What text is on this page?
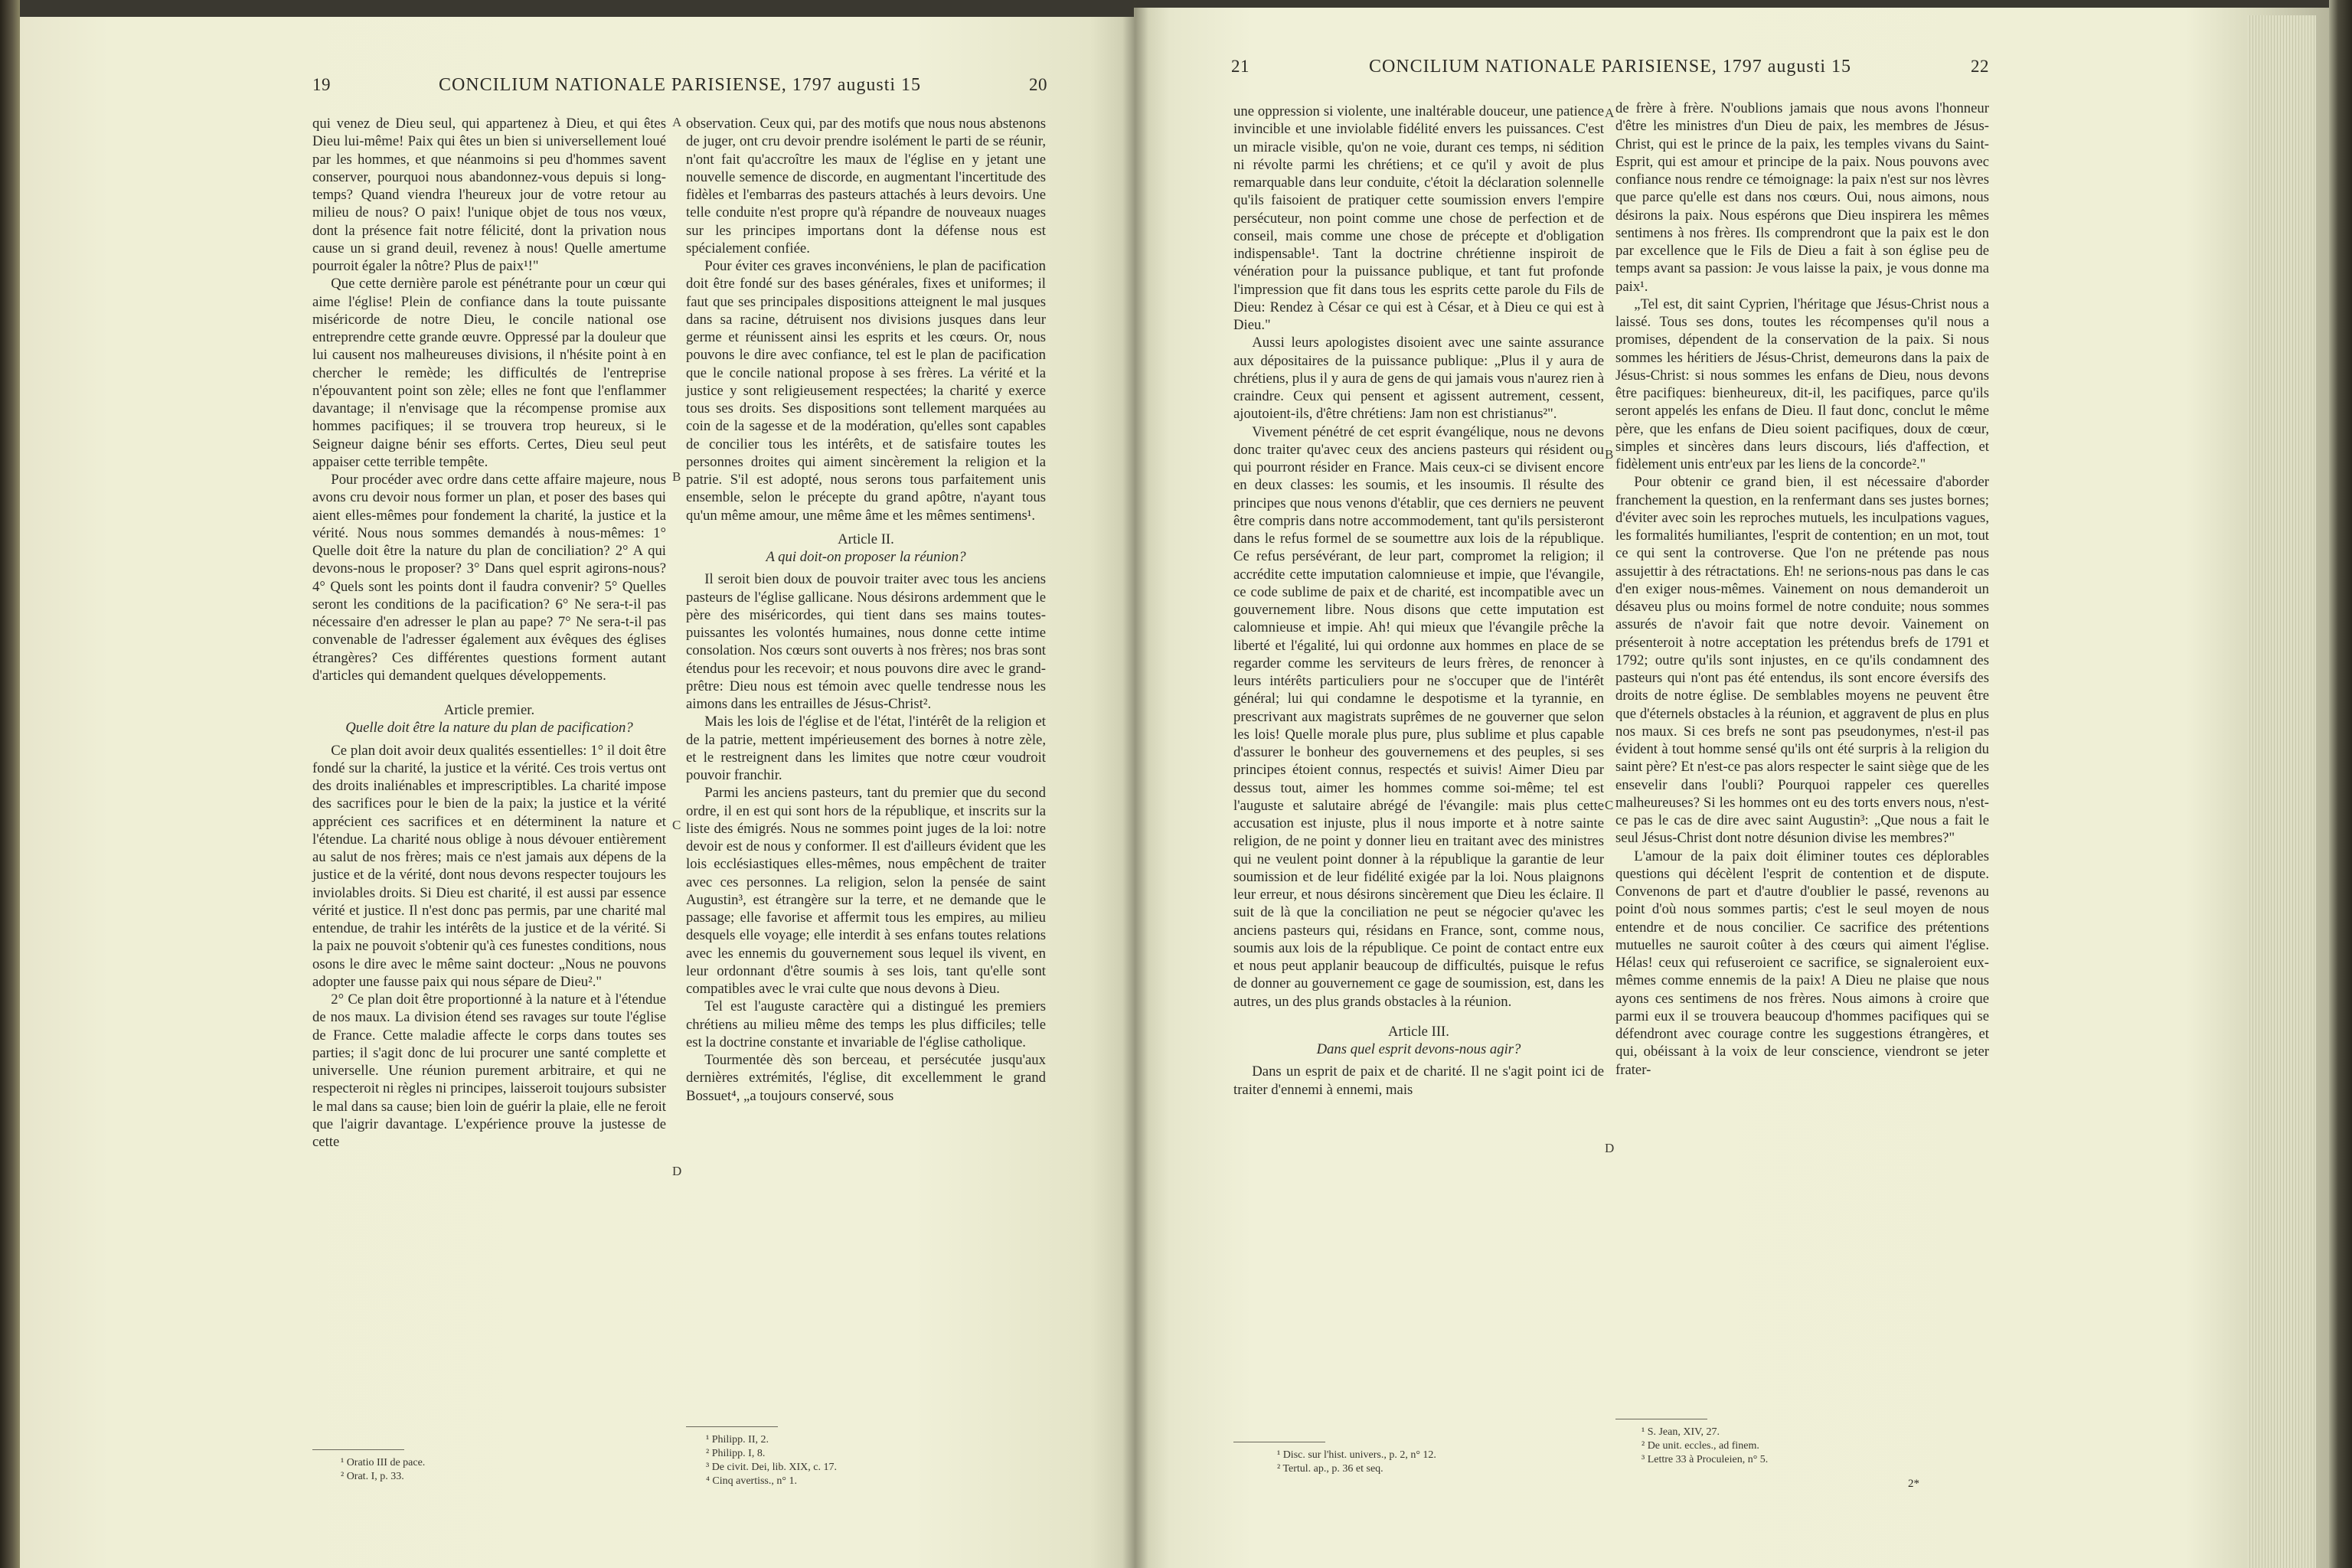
19	CONCILIUM NATIONALE PARISIENSE, 1797 augusti 15	20
21	CONCILIUM NATIONALE PARISIENSE, 1797 augusti 15	22

qui venez de Dieu seul, qui appartenez à Dieu, et qui êtes Dieu lui-même! Paix qui êtes un bien si universellement loué par les hommes, et que néanmoins si peu d'hommes savent conserver, pourquoi nous abandonnez-vous depuis si long-temps? Quand viendra l'heureux jour de votre retour au milieu de nous? O paix! l'unique objet de tous nos vœux, dont la présence fait notre félicité, dont la privation nous cause un si grand deuil, revenez à nous! Quelle amertume pourroit égaler la nôtre? Plus de paix¹!"

Que cette dernière parole est pénétrante pour un cœur qui aime l'église! Plein de confiance dans la toute puissante miséricorde de notre Dieu, le concile national ose entreprendre cette grande œuvre. Oppressé par la douleur que lui causent nos malheureuses divisions, il n'hésite point à en chercher le remède; les difficultés de l'entreprise n'épouvantent point son zèle; elles ne font que l'enflammer davantage; il n'envisage que la récompense promise aux hommes pacifiques; il se trouvera trop heureux, si le Seigneur daigne bénir ses efforts. Certes, Dieu seul peut appaiser cette terrible tempête.

Pour procéder avec ordre dans cette affaire majeure, nous avons cru devoir nous former un plan, et poser des bases qui aient elles-mêmes pour fondement la charité, la justice et la vérité. Nous nous sommes demandés à nous-mêmes: 1° Quelle doit être la nature du plan de conciliation? 2° A qui devons-nous le proposer? 3° Dans quel esprit agirons-nous? 4° Quels sont les points dont il faudra convenir? 5° Quelles seront les conditions de la pacification? 6° Ne sera-t-il pas nécessaire d'en adresser le plan au pape? 7° Ne sera-t-il pas convenable de l'adresser également aux évêques des églises étrangères? Ces différentes questions forment autant d'articles qui demandent quelques développements.

Article premier.

Quelle doit être la nature du plan de pacification?

Ce plan doit avoir deux qualités essentielles: 1° il doit être fondé sur la charité, la justice et la vérité. Ces trois vertus ont des droits inaliénables et imprescriptibles. La charité impose des sacrifices pour le bien de la paix; la justice et la vérité apprécient ces sacrifices et en déterminent la nature et l'étendue. La charité nous oblige à nous dévouer entièrement au salut de nos frères; mais ce n'est jamais aux dépens de la justice et de la vérité, dont nous devons respecter toujours les inviolables droits. Si Dieu est charité, il est aussi par essence vérité et justice. Il n'est donc pas permis, par une charité mal entendue, de trahir les intérêts de la justice et de la vérité. Si la paix ne pouvoit s'obtenir qu'à ces funestes conditions, nous osons le dire avec le même saint docteur: „Nous ne pouvons adopter une fausse paix qui nous sépare de Dieu²."

2° Ce plan doit être proportionné à la nature et à l'étendue de nos maux. La division étend ses ravages sur toute l'église de France. Cette maladie affecte le corps dans toutes ses parties; il s'agit donc de lui procurer une santé complette et universelle. Une réunion purement arbitraire, et qui ne respecteroit ni règles ni principes, laisseroit toujours subsister le mal dans sa cause; bien loin de guérir la plaie, elle ne feroit que l'aigrir davantage. L'expérience prouve la justesse de cette

observation. Ceux qui, par des motifs que nous nous abstenons de juger, ont cru devoir prendre isolément le parti de se réunir, n'ont fait qu'accroître les maux de l'église en y jetant une nouvelle semence de discorde, en augmentant l'incertitude des fidèles et l'embarras des pasteurs attachés à leurs devoirs. Une telle conduite n'est propre qu'à répandre de nouveaux nuages sur les principes importans dont la défense nous est spécialement confiée.

Pour éviter ces graves inconvéniens, le plan de pacification doit être fondé sur des bases générales, fixes et uniformes; il faut que ses principales dispositions atteignent le mal jusques dans sa racine, détruisent nos divisions jusques dans leur germe et réunissent ainsi les esprits et les cœurs. Or, nous pouvons le dire avec confiance, tel est le plan de pacification que le concile national propose à ses frères. La vérité et la justice y sont religieusement respectées; la charité y exerce tous ses droits. Ses dispositions sont tellement marquées au coin de la sagesse et de la modération, qu'elles sont capables de concilier tous les intérêts, et de satisfaire toutes les personnes droites qui aiment sincèrement la religion et la patrie. S'il est adopté, nous serons tous parfaitement unis ensemble, selon le précepte du grand apôtre, n'ayant tous qu'un même amour, une même âme et les mêmes sentimens¹.

Article II.

A qui doit-on proposer la réunion?

Il seroit bien doux de pouvoir traiter avec tous les anciens pasteurs de l'église gallicane. Nous désirons ardemment que le père des miséricordes, qui tient dans ses mains toutes-puissantes les volontés humaines, nous donne cette intime consolation. Nos cœurs sont ouverts à nos frères; nos bras sont étendus pour les recevoir; et nous pouvons dire avec le grand-prêtre: Dieu nous est témoin avec quelle tendresse nous les aimons dans les entrailles de Jésus-Christ².

Mais les lois de l'église et de l'état, l'intérêt de la religion et de la patrie, mettent impérieusement des bornes à notre zèle, et le restreignent dans les limites que notre cœur voudroit pouvoir franchir.

Parmi les anciens pasteurs, tant du premier que du second ordre, il en est qui sont hors de la république, et inscrits sur la liste des émigrés. Nous ne sommes point juges de la loi: notre devoir est de nous y conformer. Il est d'ailleurs évident que les lois ecclésiastiques elles-mêmes, nous empêchent de traiter avec ces personnes. La religion, selon la pensée de saint Augustin³, est étrangère sur la terre, et ne demande que le passage; elle favorise et affermit tous les empires, au milieu desquels elle voyage; elle interdit à ses enfans toutes relations avec les ennemis du gouvernement sous lequel ils vivent, en leur ordonnant d'être soumis à ses lois, tant qu'elle sont compatibles avec le vrai culte que nous devons à Dieu.

Tel est l'auguste caractère qui a distingué les premiers chrétiens au milieu même des temps les plus difficiles; telle est la doctrine constante et invariable de l'église catholique.

Tourmentée dès son berceau, et persécutée jusqu'aux dernières extrémités, l'église, dit excellemment le grand Bossuet⁴, „a toujours conservé, sous

une oppression si violente, une inaltérable douceur, une patience invincible et une inviolable fidélité envers les puissances. C'est un miracle visible, qu'on ne voie, durant ces temps, ni sédition ni révolte parmi les chrétiens; et ce qu'il y avoit de plus remarquable dans leur conduite, c'étoit la déclaration solennelle qu'ils faisoient de pratiquer cette soumission envers l'empire persécuteur, non point comme une chose de perfection et de conseil, mais comme une chose de précepte et d'obligation indispensable¹. Tant la doctrine chrétienne inspiroit de vénération pour la puissance publique, et tant fut profonde l'impression que fit dans tous les esprits cette parole du Fils de Dieu: Rendez à César ce qui est à César, et à Dieu ce qui est à Dieu."

Aussi leurs apologistes disoient avec une sainte assurance aux dépositaires de la puissance publique: „Plus il y aura de chrétiens, plus il y aura de gens de qui jamais vous n'aurez rien à craindre. Ceux qui pensent et agissent autrement, cessent, ajoutoient-ils, d'être chrétiens: Jam non est christianus²".

Vivement pénétré de cet esprit évangélique, nous ne devons donc traiter qu'avec ceux des anciens pasteurs qui résident ou qui pourront résider en France. Mais ceux-ci se divisent encore en deux classes: les soumis, et les insoumis. Il résulte des principes que nous venons d'établir, que ces derniers ne peuvent être compris dans notre accommodement, tant qu'ils persisteront dans le refus formel de se soumettre aux lois de la république. Ce refus persévérant, de leur part, compromet la religion; il accrédite cette imputation calomnieuse et impie, que l'évangile, ce code sublime de paix et de charité, est incompatible avec un gouvernement libre. Nous disons que cette imputation est calomnieuse et impie. Ah! qui mieux que l'évangile prêche la liberté et l'égalité, lui qui ordonne aux hommes en place de se regarder comme les serviteurs de leurs frères, de renoncer à leurs intérêts particuliers pour ne s'occuper que de l'intérêt général; lui qui condamne le despotisme et la tyrannie, en prescrivant aux magistrats suprêmes de ne gouverner que selon les lois! Quelle morale plus pure, plus sublime et plus capable d'assurer le bonheur des gouvernemens et des peuples, si ses principes étoient connus, respectés et suivis! Aimer Dieu par dessus tout, aimer les hommes comme soi-même; tel est l'auguste et salutaire abrégé de l'évangile: mais plus cette accusation est injuste, plus il nous importe et à notre sainte religion, de ne point y donner lieu en traitant avec des ministres qui ne veulent point donner à la république la garantie de leur soumission et de leur fidélité exigée par la loi. Nous plaignons leur erreur, et nous désirons sincèrement que Dieu les éclaire. Il suit de là que la conciliation ne peut se négocier qu'avec les anciens pasteurs qui, résidans en France, sont, comme nous, soumis aux lois de la république. Ce point de contact entre eux et nous peut applanir beaucoup de difficultés, puisque le refus de donner au gouvernement ce gage de soumission, est, dans les autres, un des plus grands obstacles à la réunion.

Article III.

Dans quel esprit devons-nous agir?

Dans un esprit de paix et de charité. Il ne s'agit point ici de traiter d'ennemi à ennemi, mais

de frère à frère. N'oublions jamais que nous avons l'honneur d'être les ministres d'un Dieu de paix, les membres de Jésus-Christ, qui est le prince de la paix, les temples vivans du Saint-Esprit, qui est amour et principe de la paix. Nous pouvons avec confiance nous rendre ce témoignage: la paix n'est sur nos lèvres que parce qu'elle est dans nos cœurs. Oui, nous aimons, nous désirons la paix. Nous espérons que Dieu inspirera les mêmes sentimens à nos frères. Ils comprendront que la paix est le don par excellence que le Fils de Dieu a fait à son église peu de temps avant sa passion: Je vous laisse la paix, je vous donne ma paix¹.

„Tel est, dit saint Cyprien, l'héritage que Jésus-Christ nous a laissé. Tous ses dons, toutes les récompenses qu'il nous a promises, dépendent de la conservation de la paix. Si nous sommes les héritiers de Jésus-Christ, demeurons dans la paix de Jésus-Christ: si nous sommes les enfans de Dieu, nous devons être pacifiques: bienheureux, dit-il, les pacifiques, parce qu'ils seront appelés les enfans de Dieu. Il faut donc, conclut le même père, que les enfans de Dieu soient pacifiques, doux de cœur, simples et sincères dans leurs discours, liés d'affection, et fidèlement unis entr'eux par les liens de la concorde²."

Pour obtenir ce grand bien, il est nécessaire d'aborder franchement la question, en la renfermant dans ses justes bornes; d'éviter avec soin les reproches mutuels, les inculpations vagues, les formalités humiliantes, l'esprit de contention; en un mot, tout ce qui sent la controverse. Que l'on ne prétende pas nous assujettir à des rétractations. Eh! ne serions-nous pas dans le cas d'en exiger nous-mêmes. Vainement on nous demanderoit un désaveu plus ou moins formel de notre conduite; nous sommes assurés de n'avoir fait que notre devoir. Vainement on présenteroit à notre acceptation les prétendus brefs de 1791 et 1792; outre qu'ils sont injustes, en ce qu'ils condamnent des pasteurs qui n'ont pas été entendus, ils sont encore éversifs des droits de notre église. De semblables moyens ne peuvent être que d'éternels obstacles à la réunion, et aggravent de plus en plus nos maux. Si ces brefs ne sont pas pseudonymes, n'est-il pas évident à tout homme sensé qu'ils ont été surpris à la religion du saint père? Et n'est-ce pas alors respecter le saint siège que de les ensevelir dans l'oubli? Pourquoi rappeler ces querelles malheureuses? Si les hommes ont eu des torts envers nous, n'est-ce pas le cas de dire avec saint Augustin³: „Que nous a fait le seul Jésus-Christ dont notre désunion divise les membres?"

L'amour de la paix doit éliminer toutes ces déplorables questions qui décèlent l'esprit de contention et de dispute. Convenons de part et d'autre d'oublier le passé, revenons au point d'où nous sommes partis; c'est le seul moyen de nous entendre et de nous concilier. Ce sacrifice des prétentions mutuelles ne sauroit coûter à des cœurs qui aiment l'église. Hélas! ceux qui refuseroient ce sacrifice, se signaleroient eux-mêmes comme ennemis de la paix! A Dieu ne plaise que nous ayons ces sentimens de nos frères. Nous aimons à croire que parmi eux il se trouvera beaucoup d'hommes pacifiques qui se défendront avec courage contre les suggestions étrangères, et qui, obéissant à la voix de leur conscience, viendront se jeter frater-

A
B
C
D
A
B
C
D
¹ Oratio III de pace.
² Orat. I, p. 33.
¹ Philipp. II, 2.
² Philipp. I, 8.
³ De civit. Dei, lib. XIX, c. 17.
⁴ Cinq avertiss., n° 1.
¹ Disc. sur l'hist. univers., p. 2, n° 12.
² Tertul. ap., p. 36 et seq.
¹ S. Jean, XIV, 27.
² De unit. eccles., ad finem.
³ Lettre 33 à Proculeien, n° 5.
2*
